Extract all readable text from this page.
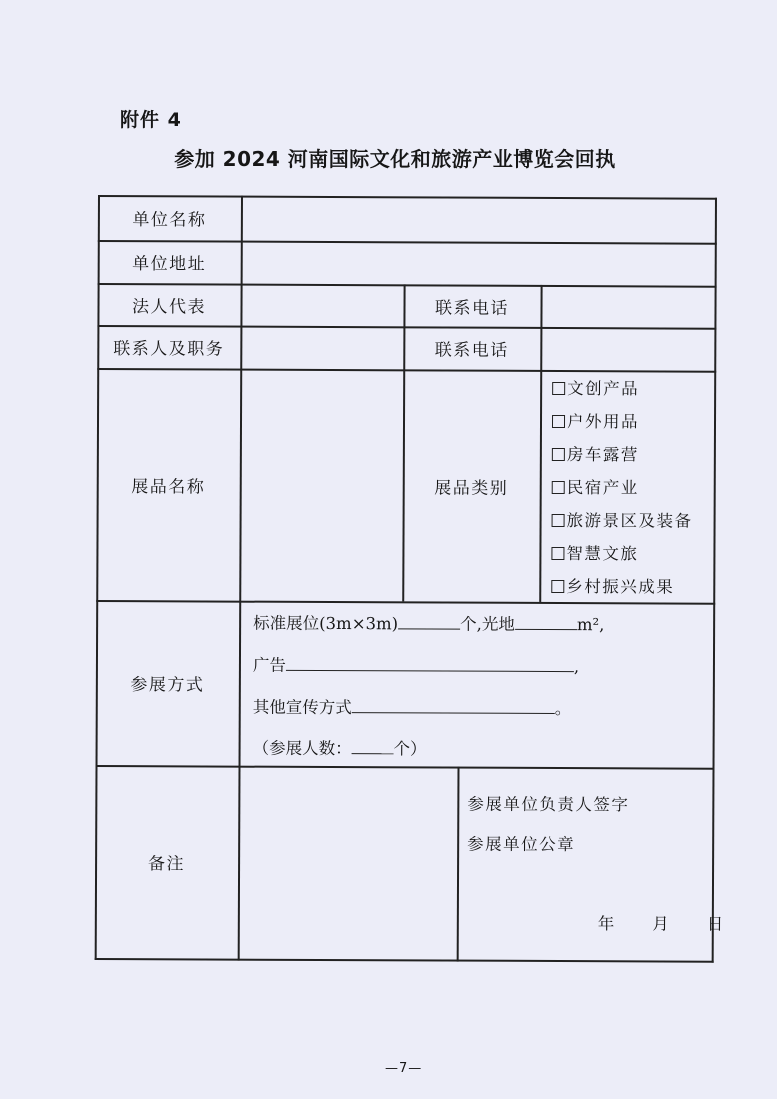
附件 4
参加 2024 河南国际文化和旅游产业博览会回执
单位名称
单位地址
法人代表	联系电话
联系人及职务	联系电话
展品名称	展品类别
文创产品
户外用品
房车露营
民宿产业
旅游景区及装备
智慧文旅
乡村振兴成果
参展方式
标准展位(3m×3m)	个, 光地	m²,
广告	,
其他宣传方式	。
（参展人数：	个）
备注
参展单位负责人签字
参展单位公章
年 月 日
—7—
